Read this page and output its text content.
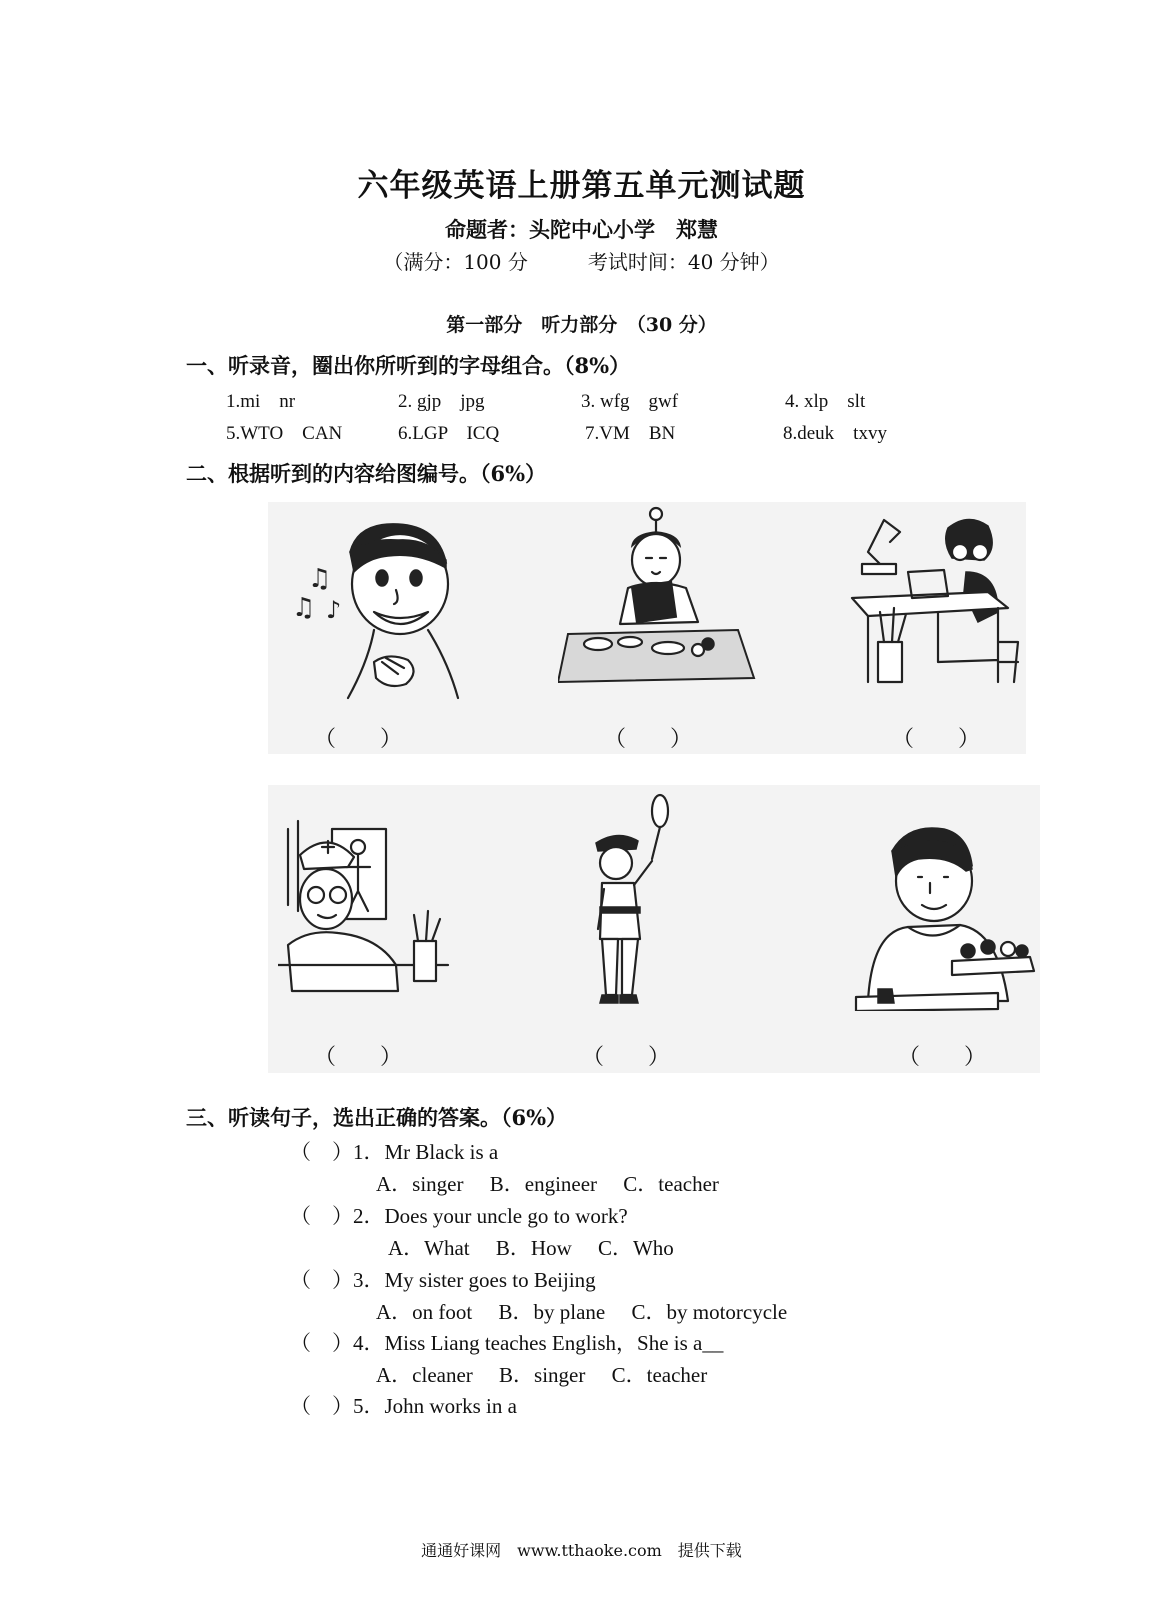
六年级英语上册第五单元测试题
命题者：头陀中心小学　郑慧
（满分：100 分　　　考试时间：40 分钟）
第一部分　听力部分　（30 分）
一、听录音，圈出你所听到的字母组合。（8%）
1.mi　nr	2. gjp　jpg	3. wfg　gwf	4. xlp　slt
5.WTO　CAN	6.LGP　ICQ	7.VM　BN	8.deuk　txvy
二、根据听到的内容给图编号。（6%）
♫
♫ ♪
（　　）	（　　）	（　　）
（　　）	（　　）	（　　）
三、听读句子，选出正确的答案。（6%）
（　）1．Mr Black is a
A．singer　 B．engineer　 C．teacher
（　）2．Does your uncle go to work?
A．What　 B．How　 C．Who
（　）3．My sister goes to Beijing
A．on foot　 B．by plane　 C．by motorcycle
（　）4．Miss Liang teaches English，She is a__
A．cleaner　 B．singer　 C．teacher
（　）5．John works in a
通通好课网　www.tthaoke.com　提供下载
